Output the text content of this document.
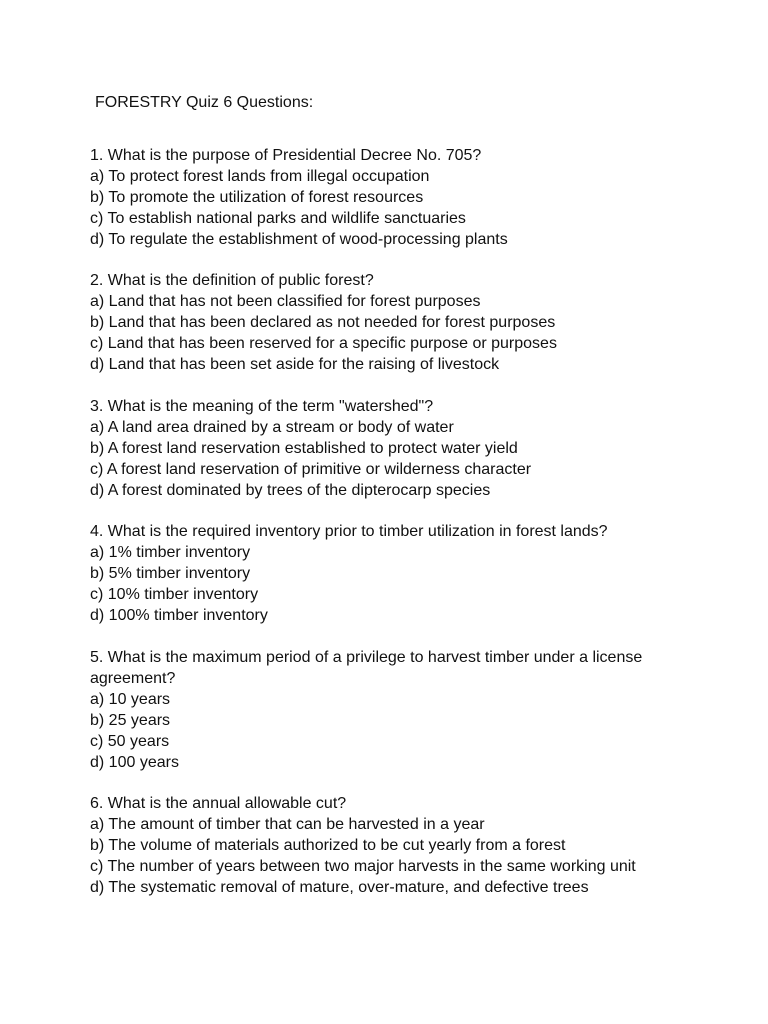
FORESTRY Quiz 6 Questions:

1. What is the purpose of Presidential Decree No. 705?

a) To protect forest lands from illegal occupation

b) To promote the utilization of forest resources

c) To establish national parks and wildlife sanctuaries

d) To regulate the establishment of wood-processing plants

2. What is the definition of public forest?

a) Land that has not been classified for forest purposes

b) Land that has been declared as not needed for forest purposes

c) Land that has been reserved for a specific purpose or purposes

d) Land that has been set aside for the raising of livestock

3. What is the meaning of the term "watershed"?

a) A land area drained by a stream or body of water

b) A forest land reservation established to protect water yield

c) A forest land reservation of primitive or wilderness character

d) A forest dominated by trees of the dipterocarp species

4. What is the required inventory prior to timber utilization in forest lands?

a) 1% timber inventory

b) 5% timber inventory

c) 10% timber inventory

d) 100% timber inventory

5. What is the maximum period of a privilege to harvest timber under a license

agreement?

a) 10 years

b) 25 years

c) 50 years

d) 100 years

6. What is the annual allowable cut?

a) The amount of timber that can be harvested in a year

b) The volume of materials authorized to be cut yearly from a forest

c) The number of years between two major harvests in the same working unit

d) The systematic removal of mature, over-mature, and defective trees
